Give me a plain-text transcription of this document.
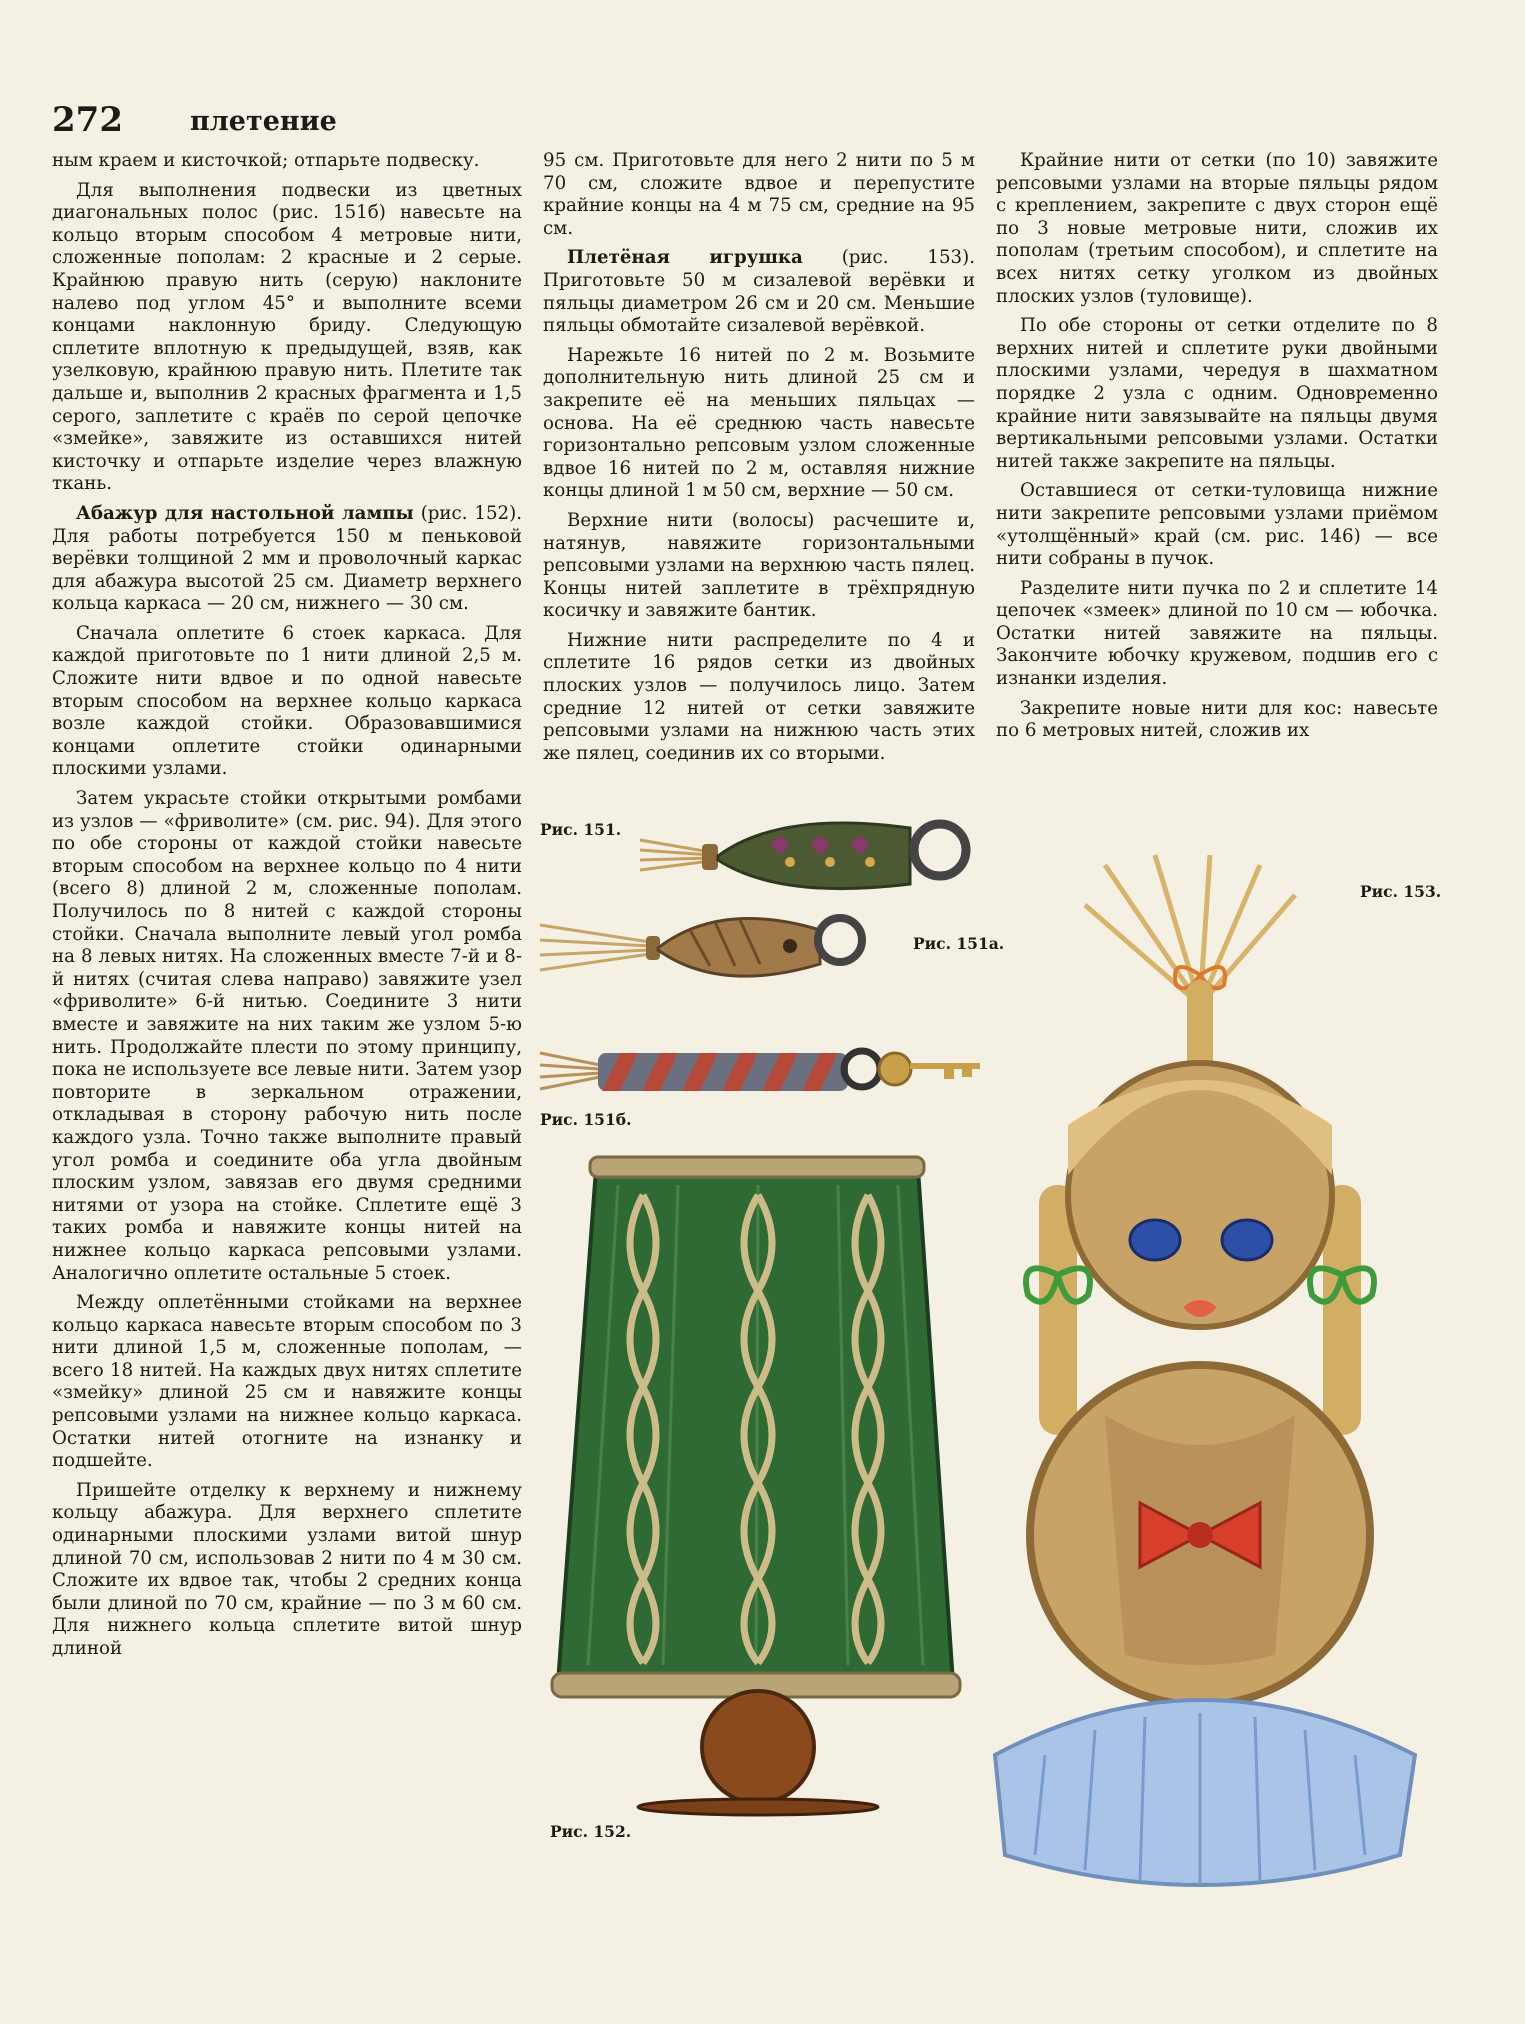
272 плетение

ным краем и кисточкой; отпарьте подвеску.

Для выполнения подвески из цветных диагональных полос (рис. 151б) навесьте на кольцо вторым способом 4 метровые нити, сложенные пополам: 2 красные и 2 серые. Крайнюю правую нить (серую) наклоните налево под углом 45° и выполните всеми концами наклонную бриду. Следующую сплетите вплотную к предыдущей, взяв, как узелковую, крайнюю правую нить. Плетите так дальше и, выполнив 2 красных фрагмента и 1,5 серого, заплетите с краёв по серой цепочке «змейке», завяжите из оставшихся нитей кисточку и отпарьте изделие через влажную ткань.

Абажур для настольной лампы (рис. 152). Для работы потребуется 150 м пеньковой верёвки толщиной 2 мм и проволочный каркас для абажура высотой 25 см. Диаметр верхнего кольца каркаса — 20 см, нижнего — 30 см.

Сначала оплетите 6 стоек каркаса. Для каждой приготовьте по 1 нити длиной 2,5 м. Сложите нити вдвое и по одной навесьте вторым способом на верхнее кольцо каркаса возле каждой стойки. Образовавшимися концами оплетите стойки одинарными плоскими узлами.

Затем украсьте стойки открытыми ромбами из узлов — «фриволите» (см. рис. 94). Для этого по обе стороны от каждой стойки навесьте вторым способом на верхнее кольцо по 4 нити (всего 8) длиной 2 м, сложенные пополам. Получилось по 8 нитей с каждой стороны стойки. Сначала выполните левый угол ромба на 8 левых нитях. На сложенных вместе 7-й и 8-й нитях (считая слева направо) завяжите узел «фриволите» 6-й нитью. Соедините 3 нити вместе и завяжите на них таким же узлом 5-ю нить. Продолжайте плести по этому принципу, пока не используете все левые нити. Затем узор повторите в зеркальном отражении, откладывая в сторону рабочую нить после каждого узла. Точно также выполните правый угол ромба и соедините оба угла двойным плоским узлом, завязав его двумя средними нитями от узора на стойке. Сплетите ещё 3 таких ромба и навяжите концы нитей на нижнее кольцо каркаса репсовыми узлами. Аналогично оплетите остальные 5 стоек.

Между оплетёнными стойками на верхнее кольцо каркаса навесьте вторым способом по 3 нити длиной 1,5 м, сложенные пополам, — всего 18 нитей. На каждых двух нитях сплетите «змейку» длиной 25 см и навяжите концы репсовыми узлами на нижнее кольцо каркаса. Остатки нитей отогните на изнанку и подшейте.

Пришейте отделку к верхнему и нижнему кольцу абажура. Для верхнего сплетите одинарными плоскими узлами витой шнур длиной 70 см, использовав 2 нити по 4 м 30 см. Сложите их вдвое так, чтобы 2 средних конца были длиной по 70 см, крайние — по 3 м 60 см. Для нижнего кольца сплетите витой шнур длиной

95 см. Приготовьте для него 2 нити по 5 м 70 см, сложите вдвое и перепустите крайние концы на 4 м 75 см, средние на 95 см.

Плетёная игрушка (рис. 153). Приготовьте 50 м сизалевой верёвки и пяльцы диаметром 26 см и 20 см. Меньшие пяльцы обмотайте сизалевой верёвкой.

Нарежьте 16 нитей по 2 м. Возьмите дополнительную нить длиной 25 см и закрепите её на меньших пяльцах — основа. На её среднюю часть навесьте горизонтально репсовым узлом сложенные вдвое 16 нитей по 2 м, оставляя нижние концы длиной 1 м 50 см, верхние — 50 см.

Верхние нити (волосы) расчешите и, натянув, навяжите горизонтальными репсовыми узлами на верхнюю часть пялец. Концы нитей заплетите в трёхпрядную косичку и завяжите бантик.

Нижние нити распределите по 4 и сплетите 16 рядов сетки из двойных плоских узлов — получилось лицо. Затем средние 12 нитей от сетки завяжите репсовыми узлами на нижнюю часть этих же пялец, соединив их со вторыми.

Крайние нити от сетки (по 10) завяжите репсовыми узлами на вторые пяльцы рядом с креплением, закрепите с двух сторон ещё по 3 новые метровые нити, сложив их пополам (третьим способом), и сплетите на всех нитях сетку уголком из двойных плоских узлов (туловище).

По обе стороны от сетки отделите по 8 верхних нитей и сплетите руки двойными плоскими узлами, чередуя в шахматном порядке 2 узла с одним. Одновременно крайние нити завязывайте на пяльцы двумя вертикальными репсовыми узлами. Остатки нитей также закрепите на пяльцы.

Оставшиеся от сетки-туловища нижние нити закрепите репсовыми узлами приёмом «утолщённый» край (см. рис. 146) — все нити собраны в пучок.

Разделите нити пучка по 2 и сплетите 14 цепочек «змеек» длиной по 10 см — юбочка. Остатки нитей завяжите на пяльцы. Закончите юбочку кружевом, подшив его с изнанки изделия.

Закрепите новые нити для кос: навесьте по 6 метровых нитей, сложив их

Рис. 151.
Рис. 151а.
Рис. 151б.
Рис. 152.
Рис. 153.
